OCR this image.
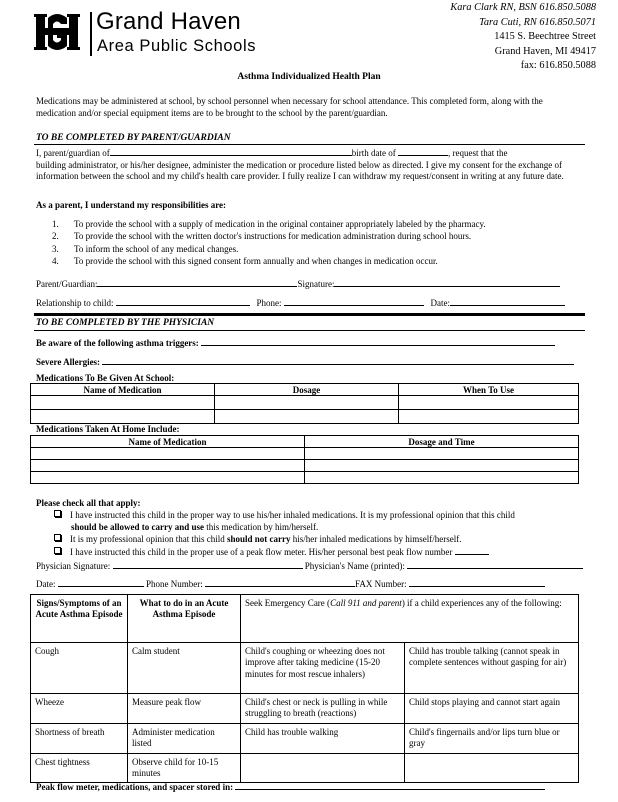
Grand Haven
Area Public Schools
Kara Clark RN, BSN 616.850.5088
Tara Cuti, RN 616.850.5071
1415 S. Beechtree Street
Grand Haven, MI 49417
fax: 616.850.5088
Asthma Individualized Health Plan
Medications may be administered at school, by school personnel when necessary for school attendance. This completed form, along with the medication and/or special equipment items are to be brought to the school by the parent/guardian.
TO BE COMPLETED BY PARENT/GUARDIAN
I, parent/guardian of	birth date of	, request that the
building administrator, or his/her designee, administer the medication or procedure listed below as directed. I give my consent for the exchange of information between the school and my child's health care provider. I fully realize I can withdraw my request/consent in writing at any future date.
As a parent, I understand my responsibilities are:
1. To provide the school with a supply of medication in the original container appropriately labeled by the pharmacy.
2. To provide the school with the written doctor's instructions for medication administration during school hours.
3. To inform the school of any medical changes.
4. To provide the school with this signed consent form annually and when changes in medication occur.
Parent/Guardian:	Signature:
Relationship to child:	Phone:	Date:
TO BE COMPLETED BY THE PHYSICIAN
Be aware of the following asthma triggers:
Severe Allergies:
Medications To Be Given At School:
Name of Medication	Dosage	When To Use

Medications Taken At Home Include:
Name of Medication	Dosage and Time

Please check all that apply:
I have instructed this child in the proper way to use his/her inhaled medications. It is my professional opinion that this child
should be allowed to carry and use this medication by him/herself.
It is my professional opinion that this child should not carry his/her inhaled medications by himself/herself.
I have instructed this child in the proper use of a peak flow meter. His/her personal best peak flow number
Physician Signature:	Physician's Name (printed):
Date:	Phone Number:	FAX Number:
Signs/Symptoms of an Acute Asthma Episode	What to do in an Acute Asthma Episode	Seek Emergency Care (Call 911 and parent) if a child experiences any of the following:	
Cough	Calm student	Child's coughing or wheezing does not improve after taking medicine (15-20 minutes for most rescue inhalers)	Child has trouble talking (cannot speak in complete sentences without gasping for air)
Wheeze	Measure peak flow	Child's chest or neck is pulling in while struggling to breath (reactions)	Child stops playing and cannot start again
Shortness of breath	Administer medication listed	Child has trouble walking	Child's fingernails and/or lips turn blue or gray
Chest tightness	Observe child for 10-15 minutes		
Peak flow meter, medications, and spacer stored in:
